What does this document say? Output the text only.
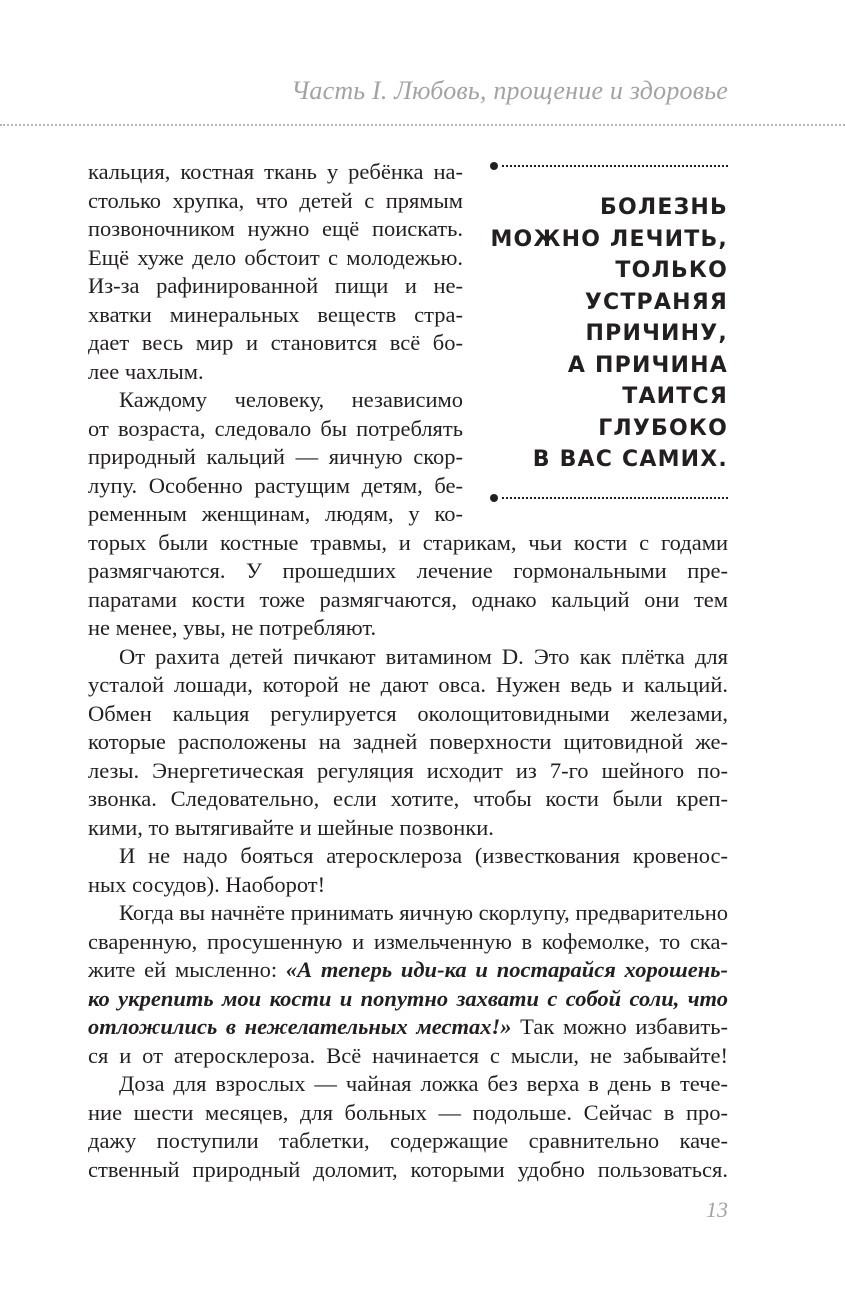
Часть I. Любовь, прощение и здоровье
БОЛЕЗНЬ
МОЖНО ЛЕЧИТЬ,
ТОЛЬКО
УСТРАНЯЯ
ПРИЧИНУ,
А ПРИЧИНА
ТАИТСЯ
ГЛУБОКО
В ВАС САМИХ.
кальция, костная ткань у ребёнка на-
столько хрупка, что детей с прямым
позвоночником нужно ещё поискать.
Ещё хуже дело обстоит с молодежью.
Из-за рафинированной пищи и не-
хватки минеральных веществ стра-
дает весь мир и становится всё бо-
лее чахлым.
Каждому человеку, независимо
от возраста, следовало бы потреблять
природный кальций — яичную скор-
лупу. Особенно растущим детям, бе-
ременным женщинам, людям, у ко-
торых были костные травмы, и старикам, чьи кости с годами
размягчаются. У прошедших лечение гормональными пре-
паратами кости тоже размягчаются, однако кальций они тем
не менее, увы, не потребляют.
От рахита детей пичкают витамином D. Это как плётка для
усталой лошади, которой не дают овса. Нужен ведь и кальций.
Обмен кальция регулируется околощитовидными железами,
которые расположены на задней поверхности щитовидной же-
лезы. Энергетическая регуляция исходит из 7-го шейного по-
звонка. Следовательно, если хотите, чтобы кости были креп-
кими, то вытягивайте и шейные позвонки.
И не надо бояться атеросклероза (известкования кровенос-
ных сосудов). Наоборот!
Когда вы начнёте принимать яичную скорлупу, предварительно
сваренную, просушенную и измельченную в кофемолке, то ска-
жите ей мысленно: «А теперь иди-ка и постарайся хорошень-
ко укрепить мои кости и попутно захвати с собой соли, что
отложились в нежелательных местах!» Так можно избавить-
ся и от атеросклероза. Всё начинается с мысли, не забывайте!
Доза для взрослых — чайная ложка без верха в день в течe-
ние шести месяцев, для больных — подольше. Сейчас в про-
дажу поступили таблетки, содержащие сравнительно каче-
ственный природный доломит, которыми удобно пользоваться.
13
